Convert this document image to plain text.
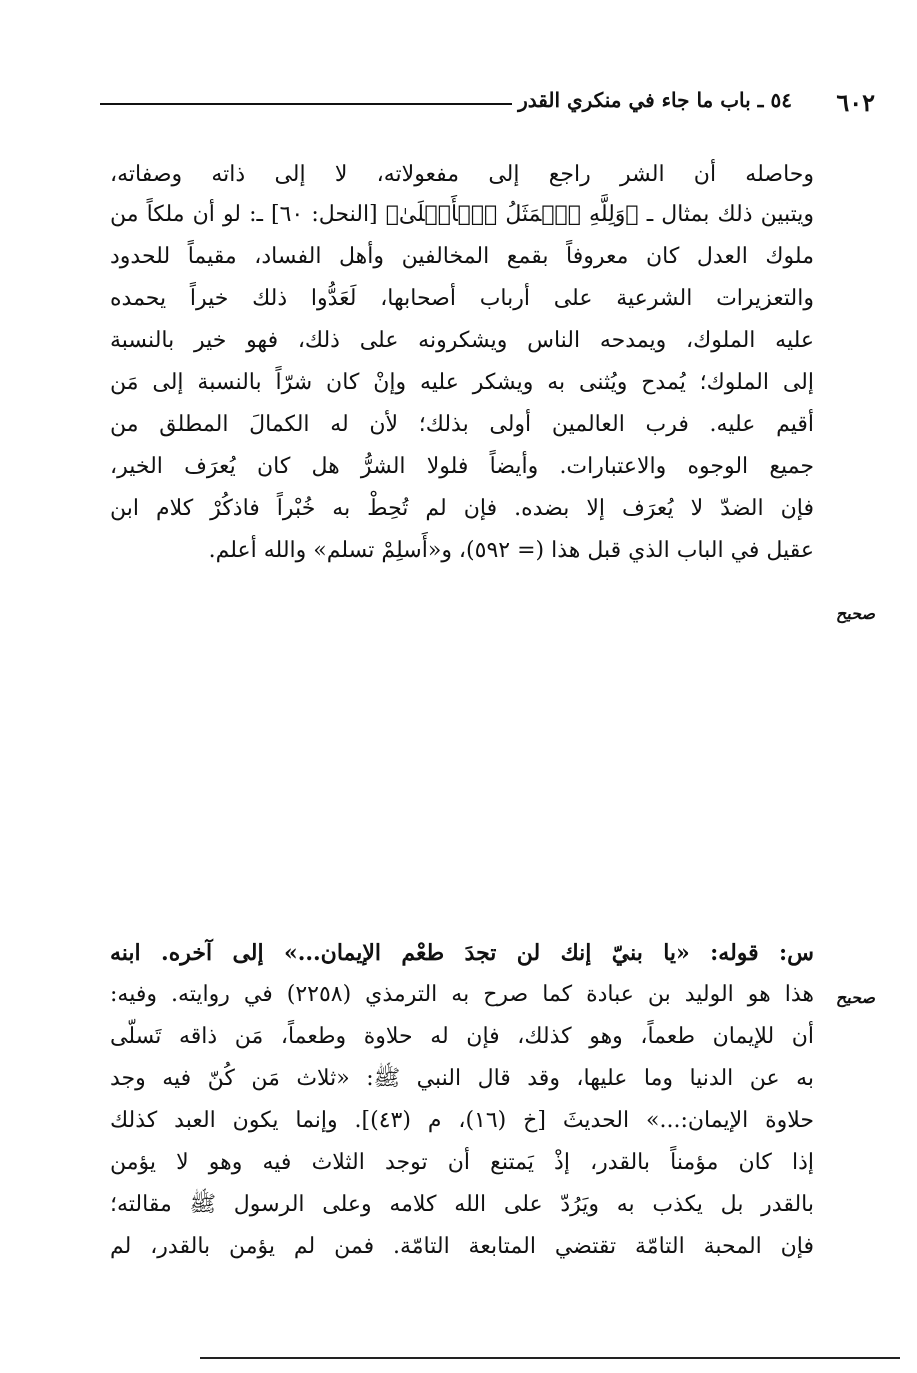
٦٠٢
٥٤ ـ باب ما جاء في منكري القدر
وحاصله أن الشر راجع إلى مفعولاته، لا إلى ذاته وصفاته،
ويتبين ذلك بمثال ـ ﴿وَلِلَّهِ ٱلۡمَثَلُ ٱلۡأَعۡلَىٰ﴾ [النحل: ٦٠] ـ: لو أن ملكاً من
ملوك العدل كان معروفاً بقمع المخالفين وأهل الفساد، مقيماً للحدود
والتعزيرات الشرعية على أرباب أصحابها، لَعَدُّوا ذلك خيراً يحمده
عليه الملوك، ويمدحه الناس ويشكرونه على ذلك، فهو خير بالنسبة
إلى الملوك؛ يُمدح ويُثنى به ويشكر عليه وإنْ كان شرّاً بالنسبة إلى مَن
أقيم عليه. فرب العالمين أولى بذلك؛ لأن له الكمالَ المطلق من
جميع الوجوه والاعتبارات. وأيضاً فلولا الشرُّ هل كان يُعرَف الخير،
فإن الضدّ لا يُعرَف إلا بضده. فإن لم تُحِطْ به خُبْراً فاذكُرْ كلام ابن
عقيل في الباب الذي قبل هذا (= ٥٩٢)، و«أَسلِمْ تسلم» والله أعلم.
صحيح
س: قوله: «يا بنيّ إنك لن تجدَ طعْم الإيمان...» إلى آخره. ابنه
صحيح
هذا هو الوليد بن عبادة كما صرح به الترمذي (٢٢٥٨) في روايته. وفيه:
أن للإيمان طعماً، وهو كذلك، فإن له حلاوة وطعماً، مَن ذاقه تَسلّى
به عن الدنيا وما عليها، وقد قال النبي ﷺ: «ثلاث مَن كُنّ فيه وجد
حلاوة الإيمان:...» الحديثَ [خ (١٦)، م (٤٣)]. وإنما يكون العبد كذلك
إذا كان مؤمناً بالقدر، إذْ يَمتنع أن توجد الثلاث فيه وهو لا يؤمن
بالقدر بل يكذب به ويَرُدّ على الله كلامه وعلى الرسول ﷺ مقالته؛
فإن المحبة التامّة تقتضي المتابعة التامّة. فمن لم يؤمن بالقدر، لم
